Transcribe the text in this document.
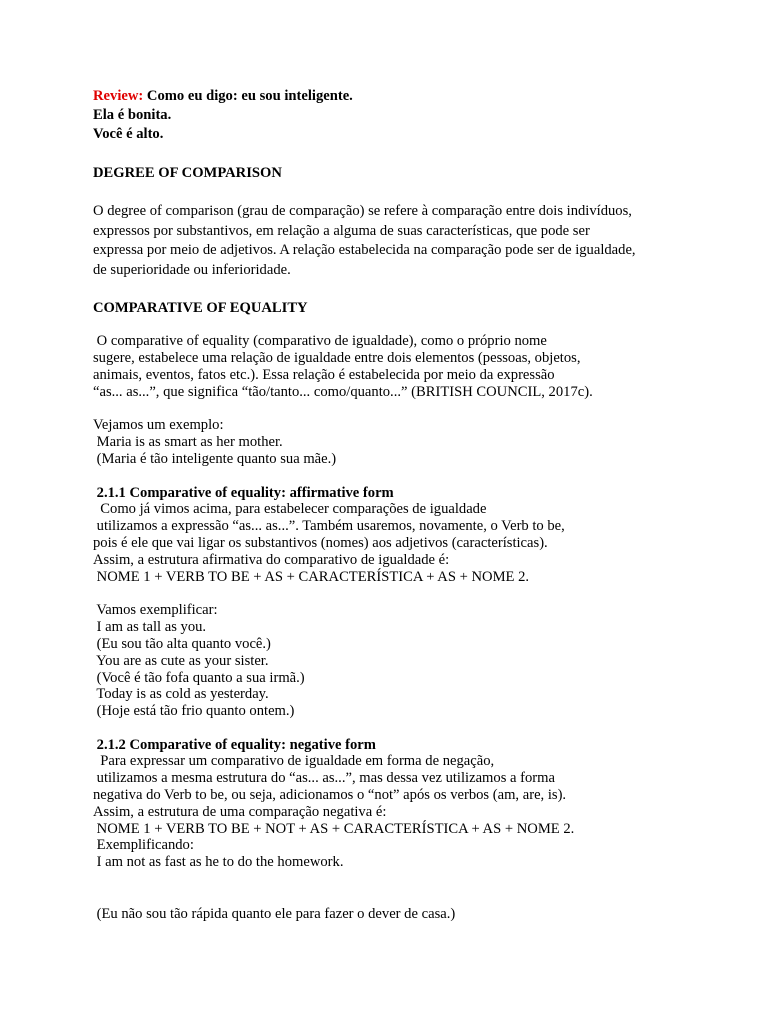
Review: Como eu digo: eu sou inteligente.
Ela é bonita.
Você é alto.
DEGREE OF COMPARISON
O degree of comparison (grau de comparação) se refere à comparação entre dois indivíduos,
expressos por substantivos, em relação a alguma de suas características, que pode ser
expressa por meio de adjetivos. A relação estabelecida na comparação pode ser de igualdade,
de superioridade ou inferioridade.
COMPARATIVE OF EQUALITY
O comparative of equality (comparativo de igualdade), como o próprio nome
sugere, estabelece uma relação de igualdade entre dois elementos (pessoas, objetos,
animais, eventos, fatos etc.). Essa relação é estabelecida por meio da expressão
“as... as...”, que significa “tão/tanto... como/quanto...” (BRITISH COUNCIL, 2017c).
Vejamos um exemplo:
Maria is as smart as her mother.
(Maria é tão inteligente quanto sua mãe.)
2.1.1 Comparative of equality: affirmative form
Como já vimos acima, para estabelecer comparações de igualdade
utilizamos a expressão “as... as...”. Também usaremos, novamente, o Verb to be,
pois é ele que vai ligar os substantivos (nomes) aos adjetivos (características).
Assim, a estrutura afirmativa do comparativo de igualdade é:
NOME 1 + VERB TO BE + AS + CARACTERÍSTICA + AS + NOME 2.
Vamos exemplificar:
I am as tall as you.
(Eu sou tão alta quanto você.)
You are as cute as your sister.
(Você é tão fofa quanto a sua irmã.)
Today is as cold as yesterday.
(Hoje está tão frio quanto ontem.)
2.1.2 Comparative of equality: negative form
Para expressar um comparativo de igualdade em forma de negação,
utilizamos a mesma estrutura do “as... as...”, mas dessa vez utilizamos a forma
negativa do Verb to be, ou seja, adicionamos o “not” após os verbos (am, are, is).
Assim, a estrutura de uma comparação negativa é:
NOME 1 + VERB TO BE + NOT + AS + CARACTERÍSTICA + AS + NOME 2.
Exemplificando:
I am not as fast as he to do the homework.
(Eu não sou tão rápida quanto ele para fazer o dever de casa.)
